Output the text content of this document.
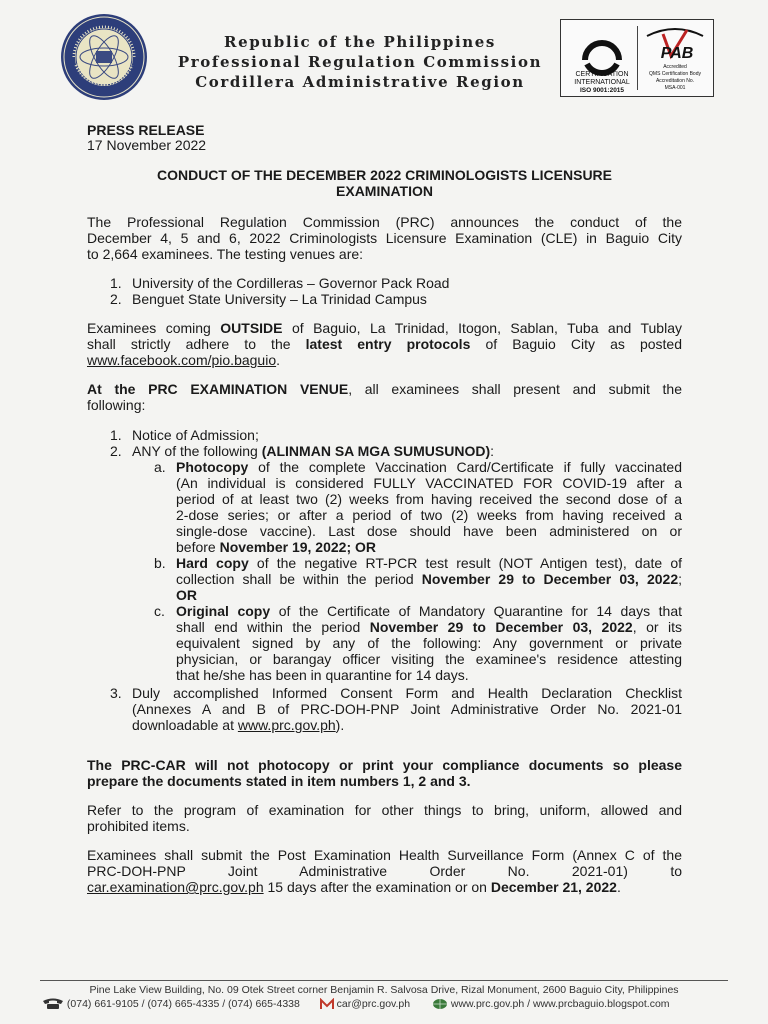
Republic of the Philippines
Professional Regulation Commission
Cordillera Administrative Region	CERTIFICATION
INTERNATIONAL
ISO 9001:2015
PAB
Accredited
QMS Certification Body
Accreditation No.
MSA-001
PRESS RELEASE
17 November 2022
CONDUCT OF THE DECEMBER 2022 CRIMINOLOGISTS LICENSURE
EXAMINATION
The Professional Regulation Commission (PRC) announces the conduct of the
December 4, 5 and 6, 2022 Criminologists Licensure Examination (CLE) in Baguio City
to 2,664 examinees. The testing venues are:
1. University of the Cordilleras – Governor Pack Road
2. Benguet State University – La Trinidad Campus
Examinees coming OUTSIDE of Baguio, La Trinidad, Itogon, Sablan, Tuba and Tublay
shall strictly adhere to the latest entry protocols of Baguio City as posted
www.facebook.com/pio.baguio.
At the PRC EXAMINATION VENUE, all examinees shall present and submit the
following:
1. Notice of Admission;
2. ANY of the following (ALINMAN SA MGA SUMUSUNOD):
a. Photocopy of the complete Vaccination Card/Certificate if fully vaccinated
(An individual is considered FULLY VACCINATED FOR COVID-19 after a
period of at least two (2) weeks from having received the second dose of a
2-dose series; or after a period of two (2) weeks from having received a
single-dose vaccine). Last dose should have been administered on or
before November 19, 2022; OR
b. Hard copy of the negative RT-PCR test result (NOT Antigen test), date of
collection shall be within the period November 29 to December 03, 2022;
OR
c. Original copy of the Certificate of Mandatory Quarantine for 14 days that
shall end within the period November 29 to December 03, 2022, or its
equivalent signed by any of the following: Any government or private
physician, or barangay officer visiting the examinee's residence attesting
that he/she has been in quarantine for 14 days.
3. Duly accomplished Informed Consent Form and Health Declaration Checklist
(Annexes A and B of PRC-DOH-PNP Joint Administrative Order No. 2021-01
downloadable at www.prc.gov.ph).
The PRC-CAR will not photocopy or print your compliance documents so please
prepare the documents stated in item numbers 1, 2 and 3.
Refer to the program of examination for other things to bring, uniform, allowed and
prohibited items.
Examinees shall submit the Post Examination Health Surveillance Form (Annex C of the
PRC-DOH-PNP Joint Administrative Order No. 2021-01) to
car.examination@prc.gov.ph 15 days after the examination or on December 21, 2022.
Pine Lake View Building, No. 09 Otek Street corner Benjamin R. Salvosa Drive, Rizal Monument, 2600 Baguio City, Philippines
(074) 661-9105 / (074) 665-4335 / (074) 665-4338	car@prc.gov.ph	www.prc.gov.ph / www.prcbaguio.blogspot.com
